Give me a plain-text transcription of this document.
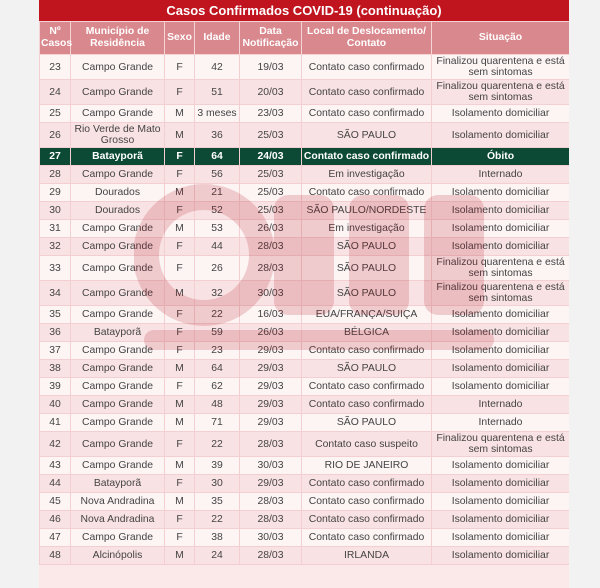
Casos Confirmados COVID-19 (continuação)
Nº Casos	Município de Residência	Sexo	Idade	Data Notificação	Local de Deslocamento/ Contato	Situação
23	Campo Grande	F	42	19/03	Contato caso confirmado	Finalizou quarentena e está sem sintomas
24	Campo Grande	F	51	20/03	Contato caso confirmado	Finalizou quarentena e está sem sintomas
25	Campo Grande	M	3 meses	23/03	Contato caso confirmado	Isolamento domiciliar
26	Rio Verde de Mato Grosso	M	36	25/03	SÃO PAULO	Isolamento domiciliar
27	Batayporã	F	64	24/03	Contato caso confirmado	Óbito
28	Campo Grande	F	56	25/03	Em investigação	Internado
29	Dourados	M	21	25/03	Contato caso confirmado	Isolamento domiciliar
30	Dourados	F	52	25/03	SÃO PAULO/NORDESTE	Isolamento domiciliar
31	Campo Grande	M	53	26/03	Em investigação	Isolamento domiciliar
32	Campo Grande	F	44	28/03	SÃO PAULO	Isolamento domiciliar
33	Campo Grande	F	26	28/03	SÃO PAULO	Finalizou quarentena e está sem sintomas
34	Campo Grande	M	32	30/03	SÃO PAULO	Finalizou quarentena e está sem sintomas
35	Campo Grande	F	22	16/03	EUA/FRANÇA/SUIÇA	Isolamento domiciliar
36	Batayporã	F	59	26/03	BÉLGICA	Isolamento domiciliar
37	Campo Grande	F	23	29/03	Contato caso confirmado	Isolamento domiciliar
38	Campo Grande	M	64	29/03	SÃO PAULO	Isolamento domiciliar
39	Campo Grande	F	62	29/03	Contato caso confirmado	Isolamento domiciliar
40	Campo Grande	M	48	29/03	Contato caso confirmado	Internado
41	Campo Grande	M	71	29/03	SÃO PAULO	Internado
42	Campo Grande	F	22	28/03	Contato caso suspeito	Finalizou quarentena e está sem sintomas
43	Campo Grande	M	39	30/03	RIO DE JANEIRO	Isolamento domiciliar
44	Batayporã	F	30	29/03	Contato caso confirmado	Isolamento domiciliar
45	Nova Andradina	M	35	28/03	Contato caso confirmado	Isolamento domiciliar
46	Nova Andradina	F	22	28/03	Contato caso confirmado	Isolamento domiciliar
47	Campo Grande	F	38	30/03	Contato caso confirmado	Isolamento domiciliar
48	Alcinópolis	M	24	28/03	IRLANDA	Isolamento domiciliar
